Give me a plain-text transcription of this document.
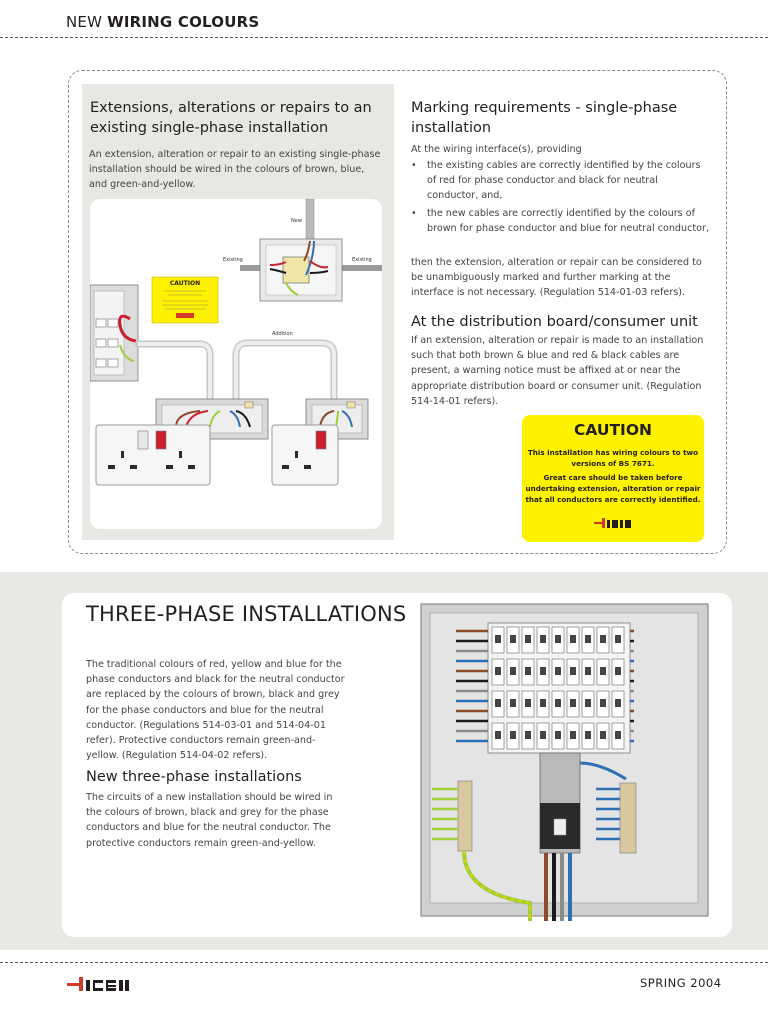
NEW WIRING COLOURS
Extensions, alterations or repairs to an existing single-phase installation
An extension, alteration or repair to an existing single-phase installation should be wired in the colours of brown, blue, and green-and-yellow.
Existing	Existing
New
CAUTION
Addition
Marking requirements - single-phase installation
At the wiring interface(s), providing
• the existing cables are correctly identified by the colours of red for phase conductor and black for neutral conductor, and,
• the new cables are correctly identified by the colours of brown for phase conductor and blue for neutral conductor,
then the extension, alteration or repair can be considered to be unambiguously marked and further marking at the interface is not necessary. (Regulation 514-01-03 refers).
At the distribution board/consumer unit
If an extension, alteration or repair is made to an installation such that both brown & blue and red & black cables are present, a warning notice must be affixed at or near the appropriate distribution board or consumer unit. (Regulation 514-14-01 refers).
CAUTION
This installation has wiring colours to two versions of BS 7671.
Great care should be taken before undertaking extension, alteration or repair that all conductors are correctly identified.
THREE-PHASE INSTALLATIONS
The traditional colours of red, yellow and blue for the phase conductors and black for the neutral conductor are replaced by the colours of brown, black and grey for the phase conductors and blue for the neutral conductor. (Regulations 514-03-01 and 514-04-01 refer). Protective conductors remain green-and-yellow. (Regulation 514-04-02 refers).
New three-phase installations
The circuits of a new installation should be wired in the colours of brown, black and grey for the phase conductors and blue for the neutral conductor. The protective conductors remain green-and-yellow.
SPRING 2004
